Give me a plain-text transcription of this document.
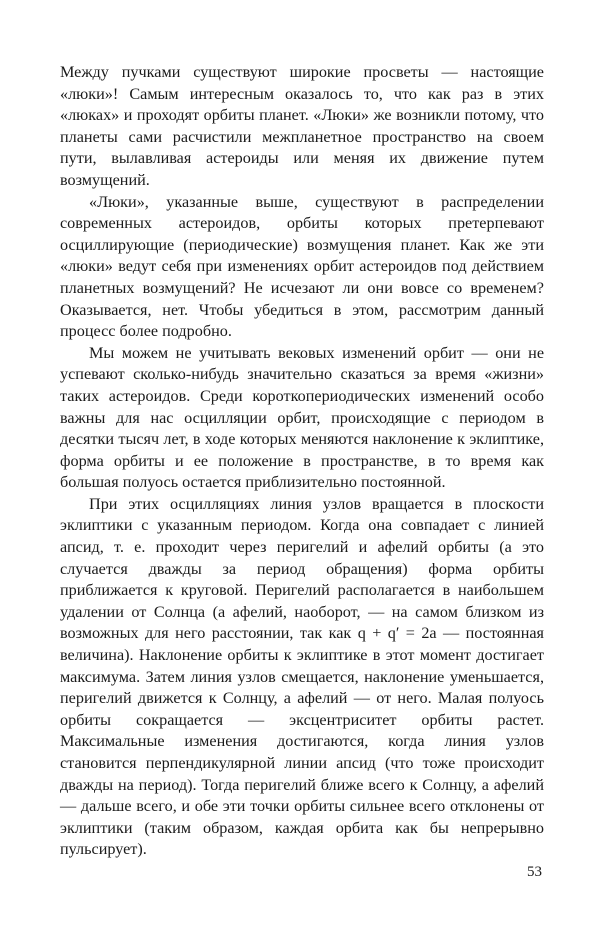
Между пучками существуют широкие просветы — настоящие «люки»! Самым интересным оказалось то, что как раз в этих «люках» и проходят орбиты планет. «Люки» же возникли потому, что планеты сами расчистили межпланетное пространство на своем пути, вылавливая астероиды или меняя их движение путем возмущений.

«Люки», указанные выше, существуют в распределении современных астероидов, орбиты которых претерпевают осциллирующие (периодические) возмущения планет. Как же эти «люки» ведут себя при изменениях орбит астероидов под действием планетных возмущений? Не исчезают ли они вовсе со временем? Оказывается, нет. Чтобы убедиться в этом, рассмотрим данный процесс более подробно.

Мы можем не учитывать вековых изменений орбит — они не успевают сколько-нибудь значительно сказаться за время «жизни» таких астероидов. Среди короткопериодических изменений особо важны для нас осцилляции орбит, происходящие с периодом в десятки тысяч лет, в ходе которых меняются наклонение к эклиптике, форма орбиты и ее положение в пространстве, в то время как большая полуось остается приблизительно постоянной.

При этих осцилляциях линия узлов вращается в плоскости эклиптики с указанным периодом. Когда она совпадает с линией апсид, т. е. проходит через перигелий и афелий орбиты (а это случается дважды за период обращения) форма орбиты приближается к круговой. Перигелий располагается в наибольшем удалении от Солнца (а афелий, наоборот, — на самом близком из возможных для него расстоянии, так как q + q′ = 2a — постоянная величина). Наклонение орбиты к эклиптике в этот момент достигает максимума. Затем линия узлов смещается, наклонение уменьшается, перигелий движется к Солнцу, а афелий — от него. Малая полуось орбиты сокращается — эксцентриситет орбиты растет. Максимальные изменения достигаются, когда линия узлов становится перпендикулярной линии апсид (что тоже происходит дважды на период). Тогда перигелий ближе всего к Солнцу, а афелий — дальше всего, и обе эти точки орбиты сильнее всего отклонены от эклиптики (таким образом, каждая орбита как бы непрерывно пульсирует).

53
